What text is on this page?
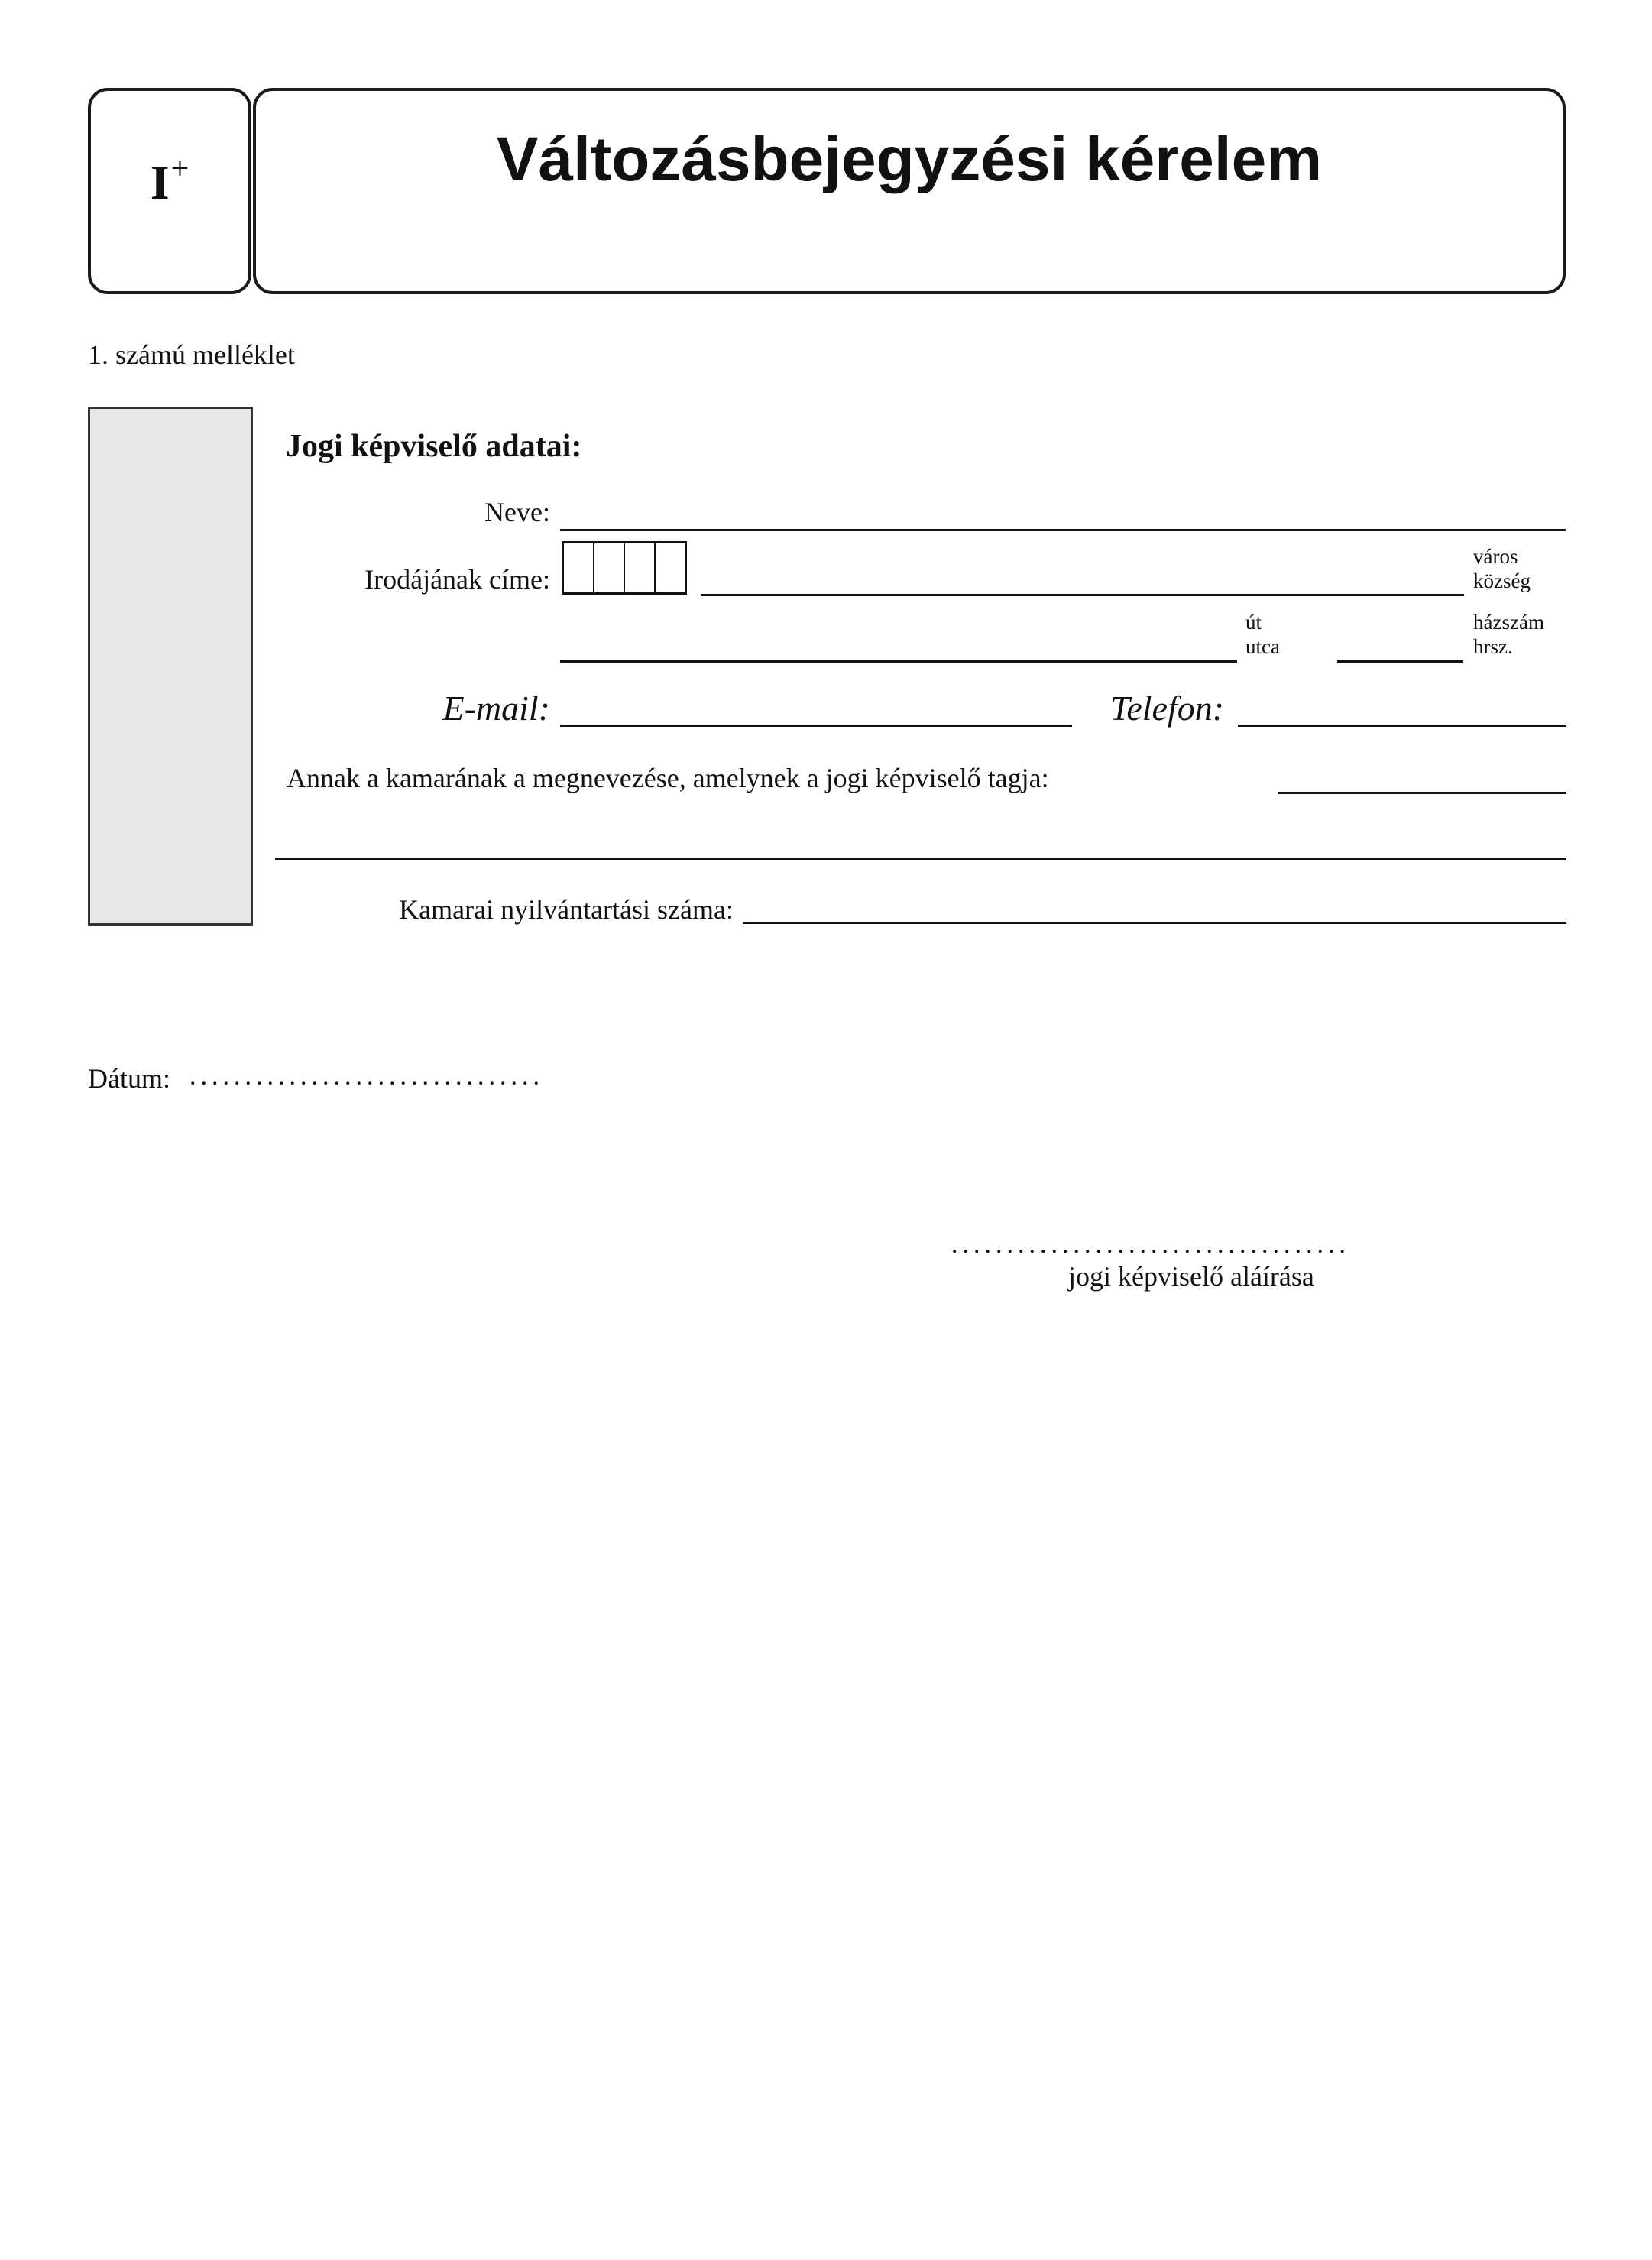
I+	Változásbejegyzési kérelem
1. számú melléklet
Jogi képviselő adatai:
Neve:
Irodájának címe:
város
község
út
utca
házszám
hrsz.
E-mail:	Telefon:
Annak a kamarának a megnevezése, amelynek a jogi képviselő tagja:
Kamarai nyilvántartási száma:
Dátum: ................................
....................................
jogi képviselő aláírása
